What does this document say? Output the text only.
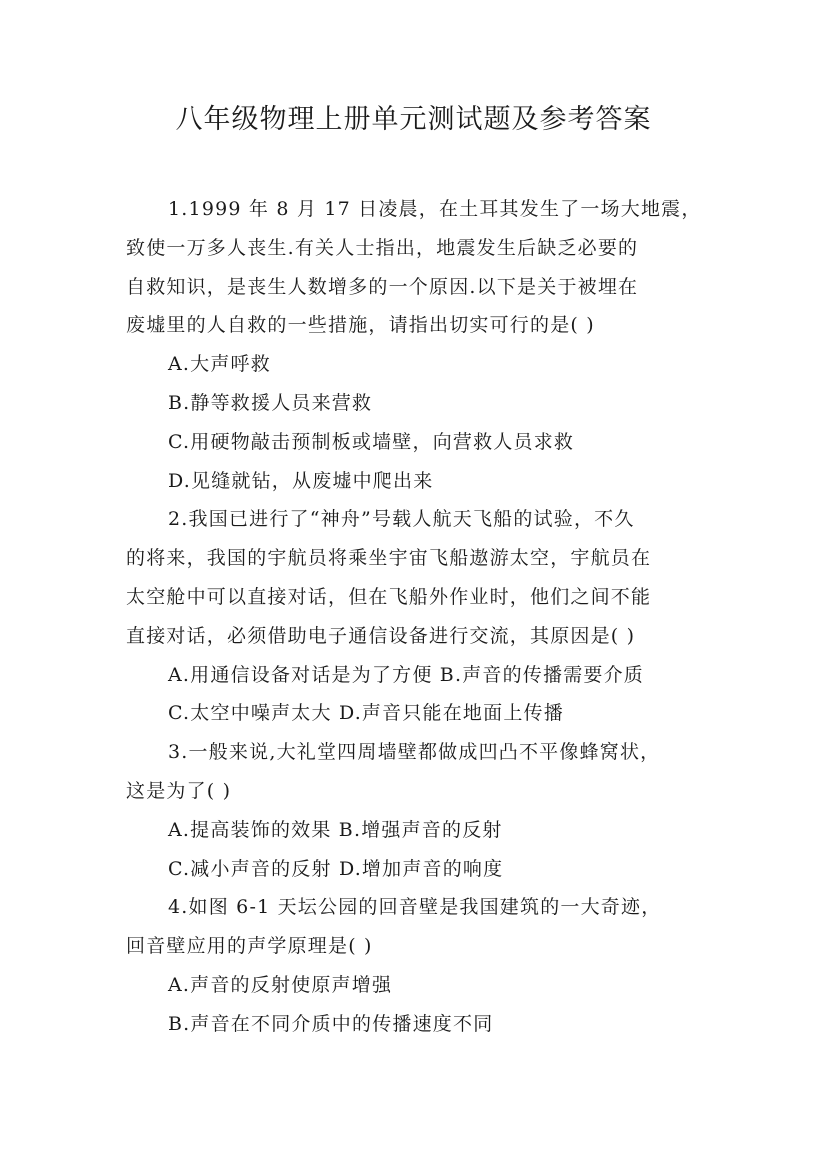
八年级物理上册单元测试题及参考答案
1.1999 年 8 月 17 日凌晨，在土耳其发生了一场大地震，
致使一万多人丧生.有关人士指出，地震发生后缺乏必要的
自救知识，是丧生人数增多的一个原因.以下是关于被埋在
废墟里的人自救的一些措施，请指出切实可行的是( )
A.大声呼救
B.静等救援人员来营救
C.用硬物敲击预制板或墙壁，向营救人员求救
D.见缝就钻，从废墟中爬出来
2.我国已进行了“神舟”号载人航天飞船的试验，不久
的将来，我国的宇航员将乘坐宇宙飞船遨游太空，宇航员在
太空舱中可以直接对话，但在飞船外作业时，他们之间不能
直接对话，必须借助电子通信设备进行交流，其原因是( )
A.用通信设备对话是为了方便 B.声音的传播需要介质
C.太空中噪声太大 D.声音只能在地面上传播
3.一般来说,大礼堂四周墙壁都做成凹凸不平像蜂窝状，
这是为了( )
A.提高装饰的效果 B.增强声音的反射
C.减小声音的反射 D.增加声音的响度
4.如图 6-1 天坛公园的回音壁是我国建筑的一大奇迹，
回音壁应用的声学原理是( )
A.声音的反射使原声增强
B.声音在不同介质中的传播速度不同
